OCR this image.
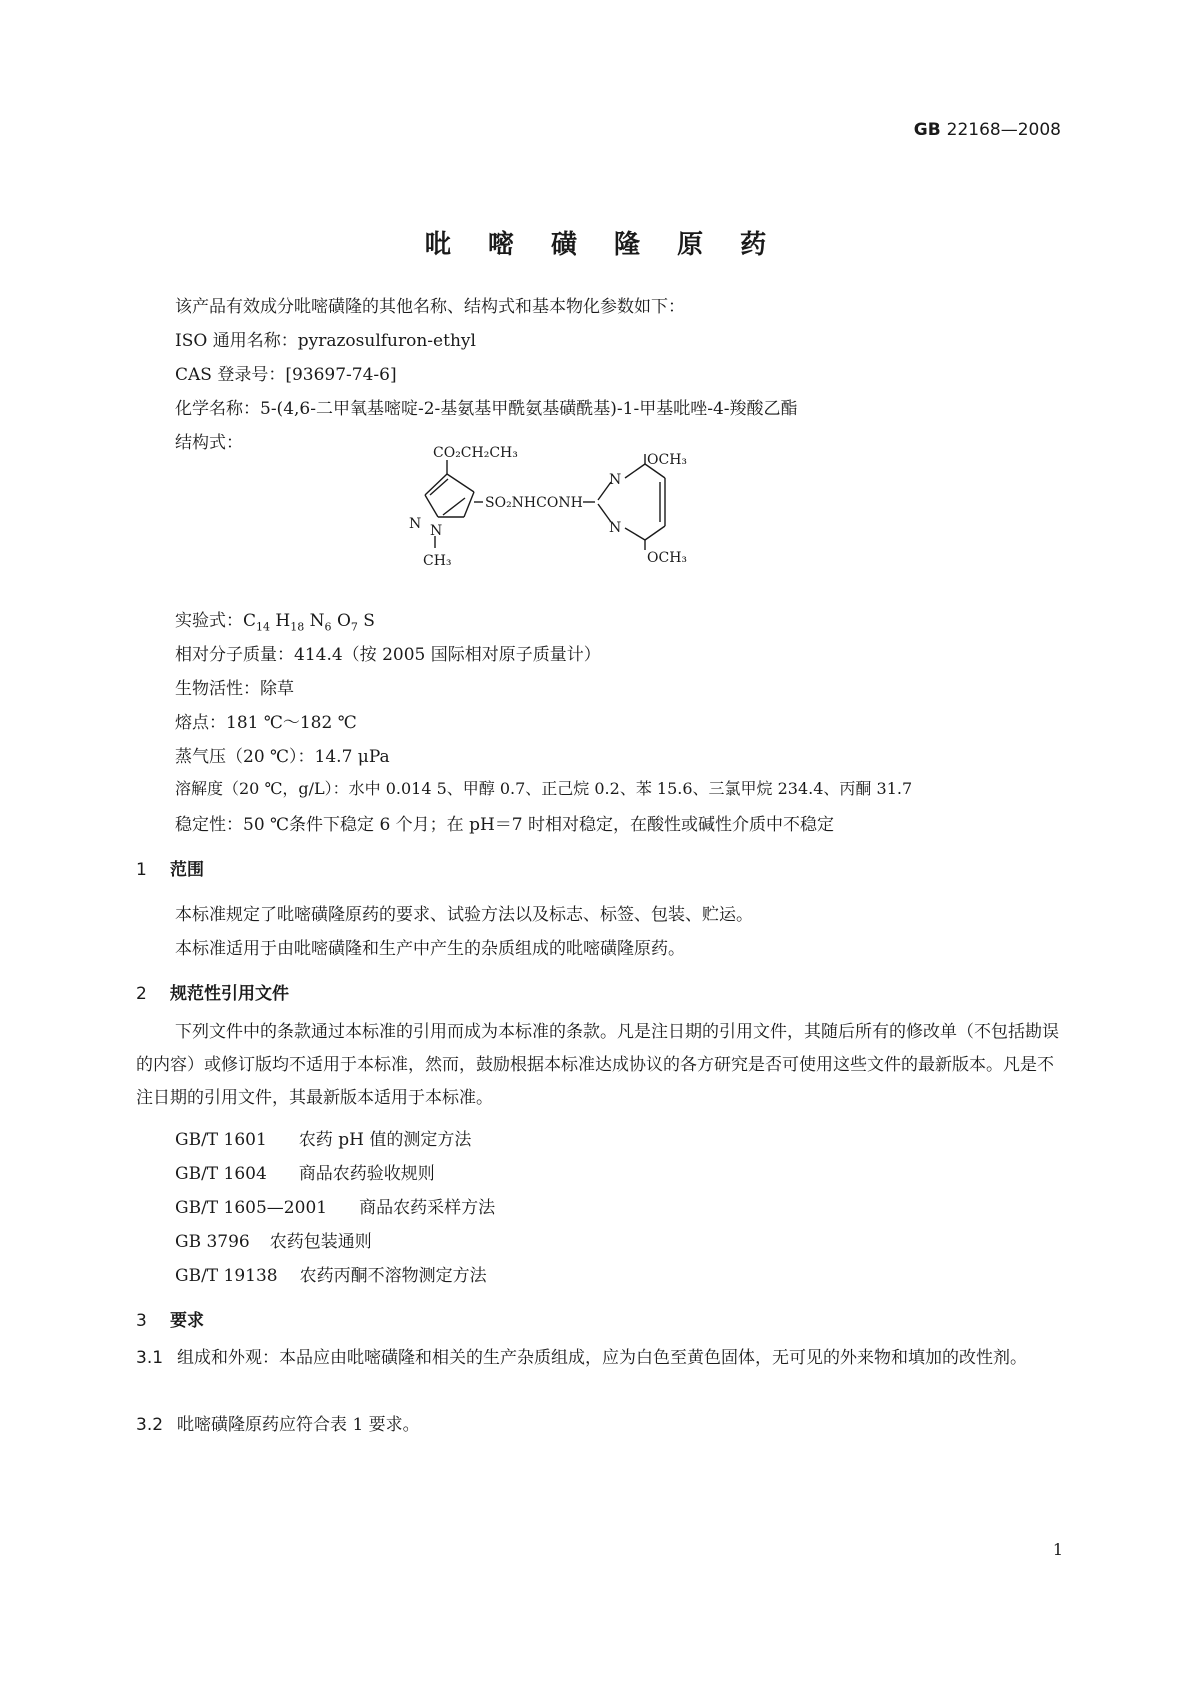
GB 22168—2008
吡 嘧 磺 隆 原 药
该产品有效成分吡嘧磺隆的其他名称、结构式和基本物化参数如下：
ISO 通用名称：pyrazosulfuron-ethyl
CAS 登录号：[93697-74-6]
化学名称：5-(4,6-二甲氧基嘧啶-2-基氨基甲酰氨基磺酰基)-1-甲基吡唑-4-羧酸乙酯
结构式：	CO₂CH₂CH₃
N N
CH₃
SO₂NHCONH
N
N
OCH₃
OCH₃
实验式：$C_{14}$ $H_{18}$ $N_6$ $O_7$ S
相对分子质量：414.4（按 2005 国际相对原子质量计）
生物活性：除草
熔点：181 ℃～182 ℃
蒸气压（20 ℃）：14.7 μPa
溶解度（20 ℃，g/L）：水中 0.014 5、甲醇 0.7、正己烷 0.2、苯 15.6、三氯甲烷 234.4、丙酮 31.7
稳定性：50 ℃条件下稳定 6 个月；在 pH＝7 时相对稳定，在酸性或碱性介质中不稳定
1 范围
本标准规定了吡嘧磺隆原药的要求、试验方法以及标志、标签、包装、贮运。
本标准适用于由吡嘧磺隆和生产中产生的杂质组成的吡嘧磺隆原药。
2 规范性引用文件
下列文件中的条款通过本标准的引用而成为本标准的条款。凡是注日期的引用文件，其随后所有的修改单（不包括勘误的内容）或修订版均不适用于本标准，然而，鼓励根据本标准达成协议的各方研究是否可使用这些文件的最新版本。凡是不注日期的引用文件，其最新版本适用于本标准。
GB/T 1601 农药 pH 值的测定方法
GB/T 1604 商品农药验收规则
GB/T 1605—2001 商品农药采样方法
GB 3796 农药包装通则
GB/T 19138 农药丙酮不溶物测定方法
3 要求
3.1 组成和外观：本品应由吡嘧磺隆和相关的生产杂质组成，应为白色至黄色固体，无可见的外来物和填加的改性剂。
3.2 吡嘧磺隆原药应符合表 1 要求。
1
